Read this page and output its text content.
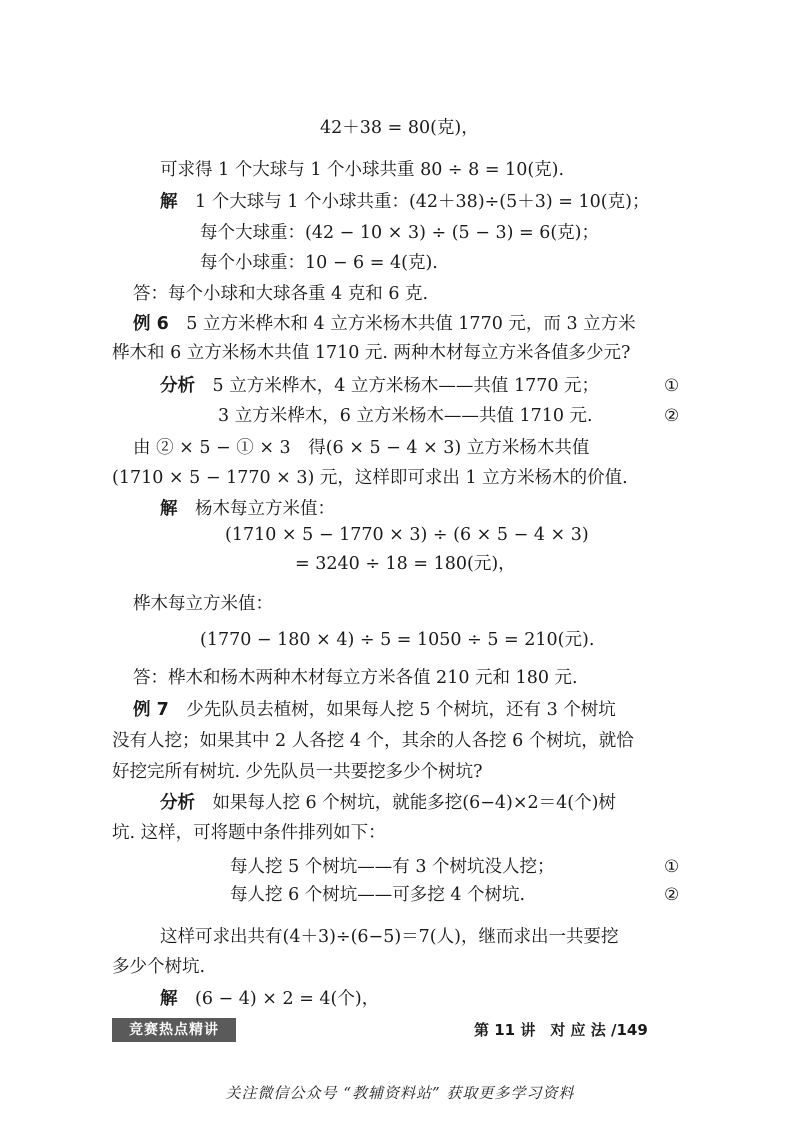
42＋38 = 80(克)，
可求得 1 个大球与 1 个小球共重 80 ÷ 8 = 10(克).
解　 1 个大球与 1 个小球共重：(42＋38)÷(5＋3) = 10(克)；
每个大球重：(42 − 10 × 3) ÷ (5 − 3) = 6(克)；
每个小球重：10 − 6 = 4(克).
答：每个小球和大球各重 4 克和 6 克.
例 6　 5 立方米桦木和 4 立方米杨木共值 1770 元，而 3 立方米
桦木和 6 立方米杨木共值 1710 元. 两种木材每立方米各值多少元?
分析　 5 立方米桦木，4 立方米杨木——共值 1770 元；	①
3 立方米桦木，6 立方米杨木——共值 1710 元.	②
由 ② × 5 − ① × 3　得(6 × 5 − 4 × 3) 立方米杨木共值
(1710 × 5 − 1770 × 3) 元，这样即可求出 1 立方米杨木的价值.
解　 杨木每立方米值：
(1710 × 5 − 1770 × 3) ÷ (6 × 5 − 4 × 3)
= 3240 ÷ 18 = 180(元)，
桦木每立方米值：
(1770 − 180 × 4) ÷ 5 = 1050 ÷ 5 = 210(元).
答：桦木和杨木两种木材每立方米各值 210 元和 180 元.
例 7　 少先队员去植树，如果每人挖 5 个树坑，还有 3 个树坑
没有人挖；如果其中 2 人各挖 4 个，其余的人各挖 6 个树坑，就恰
好挖完所有树坑. 少先队员一共要挖多少个树坑?
分析　 如果每人挖 6 个树坑，就能多挖(6−4)×2＝4(个)树
坑. 这样，可将题中条件排列如下：
每人挖 5 个树坑——有 3 个树坑没人挖；	①
每人挖 6 个树坑——可多挖 4 个树坑.	②
这样可求出共有(4＋3)÷(6−5)＝7(人)，继而求出一共要挖
多少个树坑.
解　 (6 − 4) × 2 = 4(个)，
竞赛热点精讲	第 11 讲　对 应 法 /149
关注微信公众号 “教辅资料站” 获取更多学习资料
